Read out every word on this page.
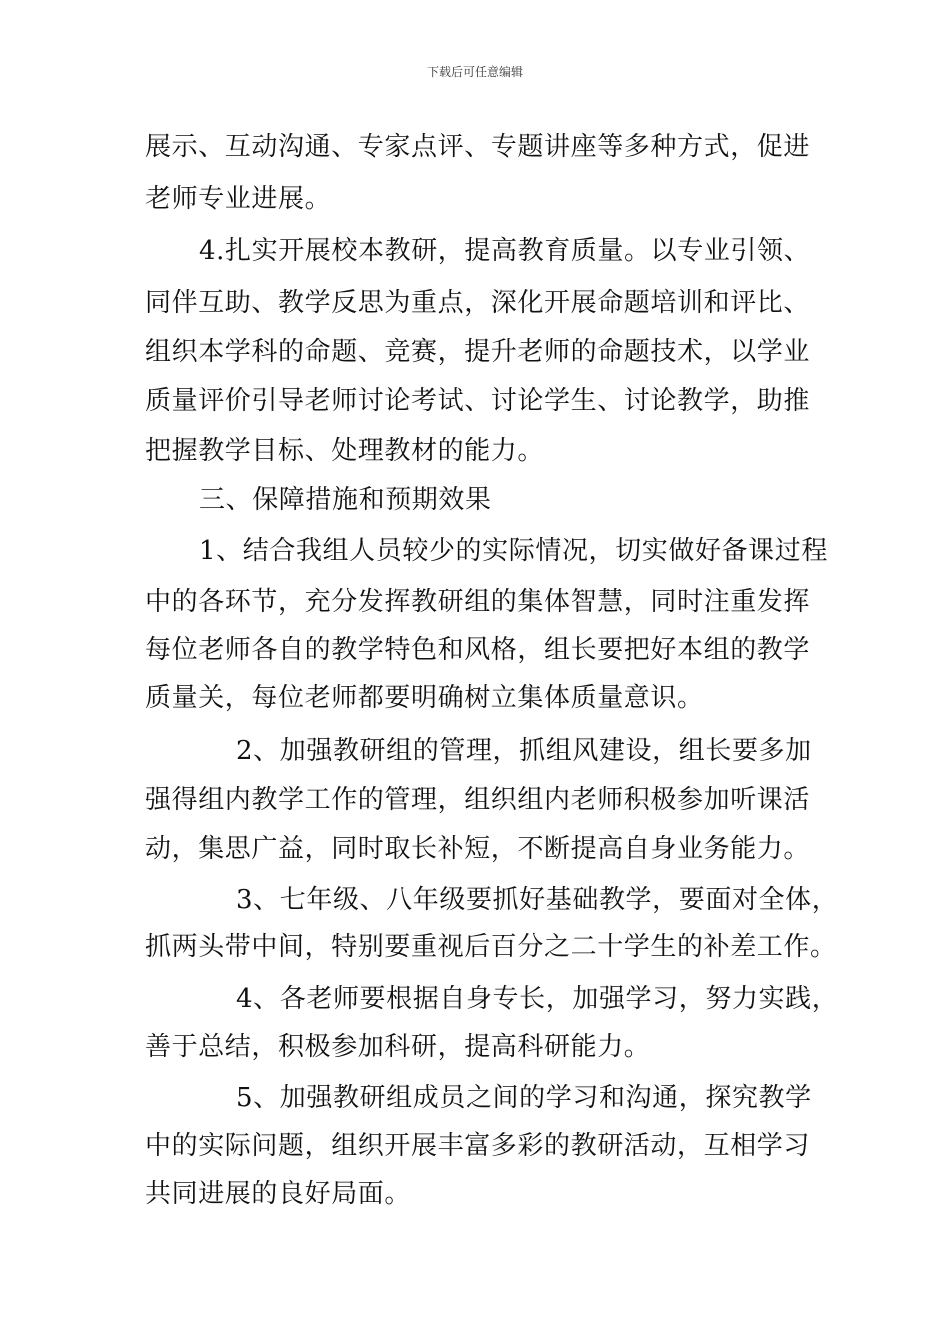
下载后可任意编辑
展示、互动沟通、专家点评、专题讲座等多种方式，促进
老师专业进展。
4.扎实开展校本教研，提高教育质量。以专业引领、
同伴互助、教学反思为重点，深化开展命题培训和评比、
组织本学科的命题、竞赛，提升老师的命题技术，以学业
质量评价引导老师讨论考试、讨论学生、讨论教学，助推
把握教学目标、处理教材的能力。
三、保障措施和预期效果
1、结合我组人员较少的实际情况，切实做好备课过程
中的各环节，充分发挥教研组的集体智慧，同时注重发挥
每位老师各自的教学特色和风格，组长要把好本组的教学
质量关，每位老师都要明确树立集体质量意识。
2、加强教研组的管理，抓组风建设，组长要多加
强得组内教学工作的管理，组织组内老师积极参加听课活
动，集思广益，同时取长补短，不断提高自身业务能力。
3、七年级、八年级要抓好基础教学，要面对全体，
抓两头带中间，特别要重视后百分之二十学生的补差工作。
4、各老师要根据自身专长，加强学习，努力实践，
善于总结，积极参加科研，提高科研能力。
5、加强教研组成员之间的学习和沟通，探究教学
中的实际问题，组织开展丰富多彩的教研活动，互相学习
共同进展的良好局面。
